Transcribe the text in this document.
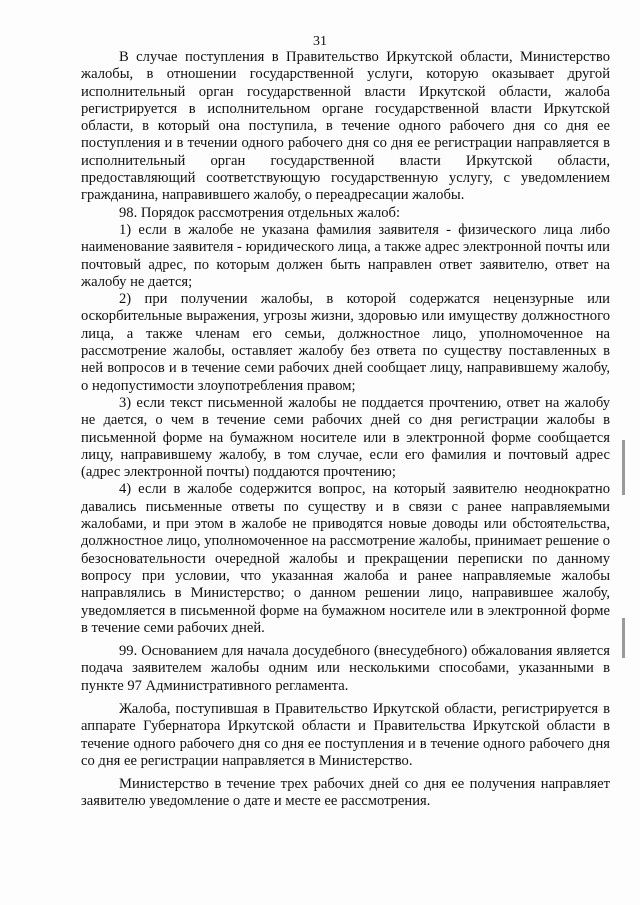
31

В случае поступления в Правительство Иркутской области, Министерство жалобы, в отношении государственной услуги, которую оказывает другой исполнительный орган государственной власти Иркутской области, жалоба регистрируется в исполнительном органе государственной власти Иркутской области, в который она поступила, в течение одного рабочего дня со дня ее поступления и в течении одного рабочего дня со дня ее регистрации направляется в исполнительный орган государственной власти Иркутской области, предоставляющий соответствующую государственную услугу, с уведомлением гражданина, направившего жалобу, о переадресации жалобы.

98. Порядок рассмотрения отдельных жалоб:

1) если в жалобе не указана фамилия заявителя - физического лица либо наименование заявителя - юридического лица, а также адрес электронной почты или почтовый адрес, по которым должен быть направлен ответ заявителю, ответ на жалобу не дается;

2) при получении жалобы, в которой содержатся нецензурные или оскорбительные выражения, угрозы жизни, здоровью или имуществу должностного лица, а также членам его семьи, должностное лицо, уполномоченное на рассмотрение жалобы, оставляет жалобу без ответа по существу поставленных в ней вопросов и в течение семи рабочих дней сообщает лицу, направившему жалобу, о недопустимости злоупотребления правом;

3) если текст письменной жалобы не поддается прочтению, ответ на жалобу не дается, о чем в течение семи рабочих дней со дня регистрации жалобы в письменной форме на бумажном носителе или в электронной форме сообщается лицу, направившему жалобу, в том случае, если его фамилия и почтовый адрес (адрес электронной почты) поддаются прочтению;

4) если в жалобе содержится вопрос, на который заявителю неоднократно давались письменные ответы по существу и в связи с ранее направляемыми жалобами, и при этом в жалобе не приводятся новые доводы или обстоятельства, должностное лицо, уполномоченное на рассмотрение жалобы, принимает решение о безосновательности очередной жалобы и прекращении переписки по данному вопросу при условии, что указанная жалоба и ранее направляемые жалобы направлялись в Министерство; о данном решении лицо, направившее жалобу, уведомляется в письменной форме на бумажном носителе или в электронной форме в течение семи рабочих дней.

99. Основанием для начала досудебного (внесудебного) обжалования является подача заявителем жалобы одним или несколькими способами, указанными в пункте 97 Административного регламента.

Жалоба, поступившая в Правительство Иркутской области, регистрируется в аппарате Губернатора Иркутской области и Правительства Иркутской области в течение одного рабочего дня со дня ее поступления и в течение одного рабочего дня со дня ее регистрации направляется в Министерство.

Министерство в течение трех рабочих дней со дня ее получения направляет заявителю уведомление о дате и месте ее рассмотрения.
